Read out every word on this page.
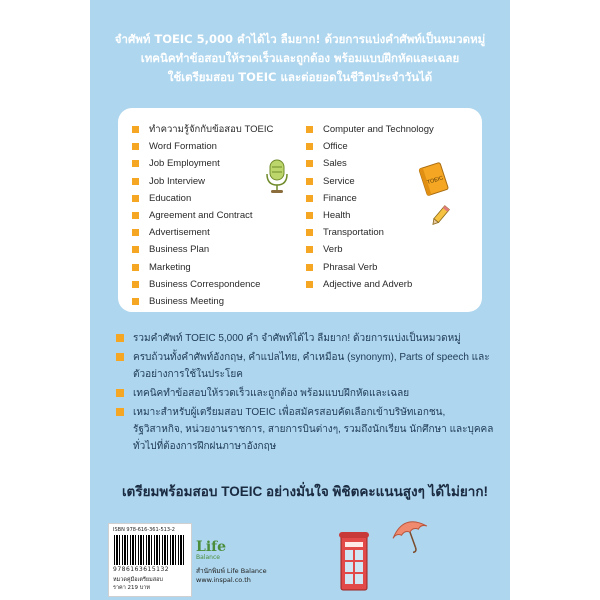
จำศัพท์ TOEIC 5,000 คำได้ไว ลืมยาก! ด้วยการแบ่งคำศัพท์เป็นหมวดหมู่
เทคนิคทำข้อสอบให้รวดเร็วและถูกต้อง พร้อมแบบฝึกหัดและเฉลย
ใช้เตรียมสอบ TOEIC และต่อยอดในชีวิตประจำวันได้
ทำความรู้จักกับข้อสอบ TOEIC
Word Formation
Job Employment
Job Interview
Education
Agreement and Contract
Advertisement
Business Plan
Marketing
Business Correspondence
Business Meeting
Computer and Technology
Office
Sales
Service
Finance
Health
Transportation
Verb
Phrasal Verb
Adjective and Adverb
TOEIC
รวมคำศัพท์ TOEIC 5,000 คำ จำศัพท์ได้ไว ลืมยาก! ด้วยการแบ่งเป็นหมวดหมู่
ครบถ้วนทั้งคำศัพท์อังกฤษ, คำแปลไทย, คำเหมือน (synonym), Parts of speech และตัวอย่างการใช้ในประโยค
เทคนิคทำข้อสอบให้รวดเร็วและถูกต้อง พร้อมแบบฝึกหัดและเฉลย
เหมาะสำหรับผู้เตรียมสอบ TOEIC เพื่อสมัครสอบคัดเลือกเข้าบริษัทเอกชน, รัฐวิสาหกิจ, หน่วยงานราชการ, สายการบินต่างๆ, รวมถึงนักเรียน นักศึกษา และบุคคลทั่วไปที่ต้องการฝึกฝนภาษาอังกฤษ
เตรียมพร้อมสอบ TOEIC อย่างมั่นใจ พิชิตคะแนนสูงๆ ได้ไม่ยาก!
ISBN 978-616-361-513-2
9786163615132
หมวดคู่มือเตรียมสอบ
ราคา 219 บาท
Life
Balance
สำนักพิมพ์ Life Balance
www.inspal.co.th
